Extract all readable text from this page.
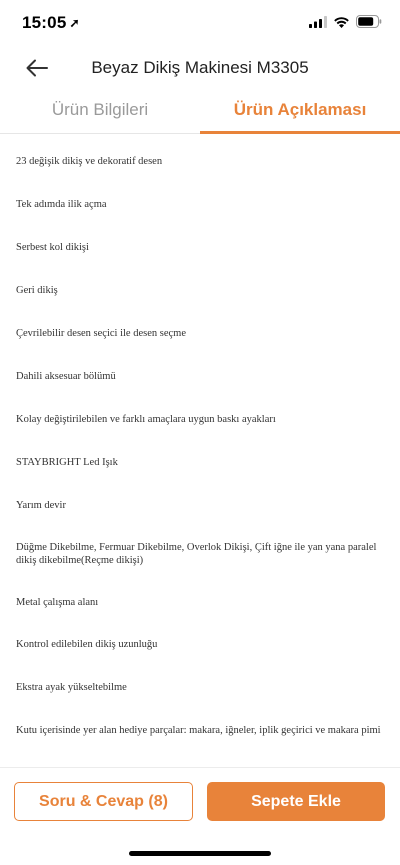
15:05 ➚
Beyaz Dikiş Makinesi M3305
Ürün Bilgileri	Ürün Açıklaması
23 değişik dikiş ve dekoratif desen
Tek adımda ilik açma
Serbest kol dikişi
Geri dikiş
Çevrilebilir desen seçici ile desen seçme
Dahili aksesuar bölümü
Kolay değiştirilebilen ve farklı amaçlara uygun baskı ayakları
STAYBRIGHT Led Işık
Yarım devir
Düğme Dikebilme, Fermuar Dikebilme, Overlok Dikişi, Çift iğne ile yan yana paralel dikiş dikebilme(Reçme dikişi)
Metal çalışma alanı
Kontrol edilebilen dikiş uzunluğu
Ekstra ayak yükseltebilme
Kutu içerisinde yer alan hediye parçalar: makara, iğneler, iplik geçirici ve makara pimi
Soru & Cevap (8)	Sepete Ekle
